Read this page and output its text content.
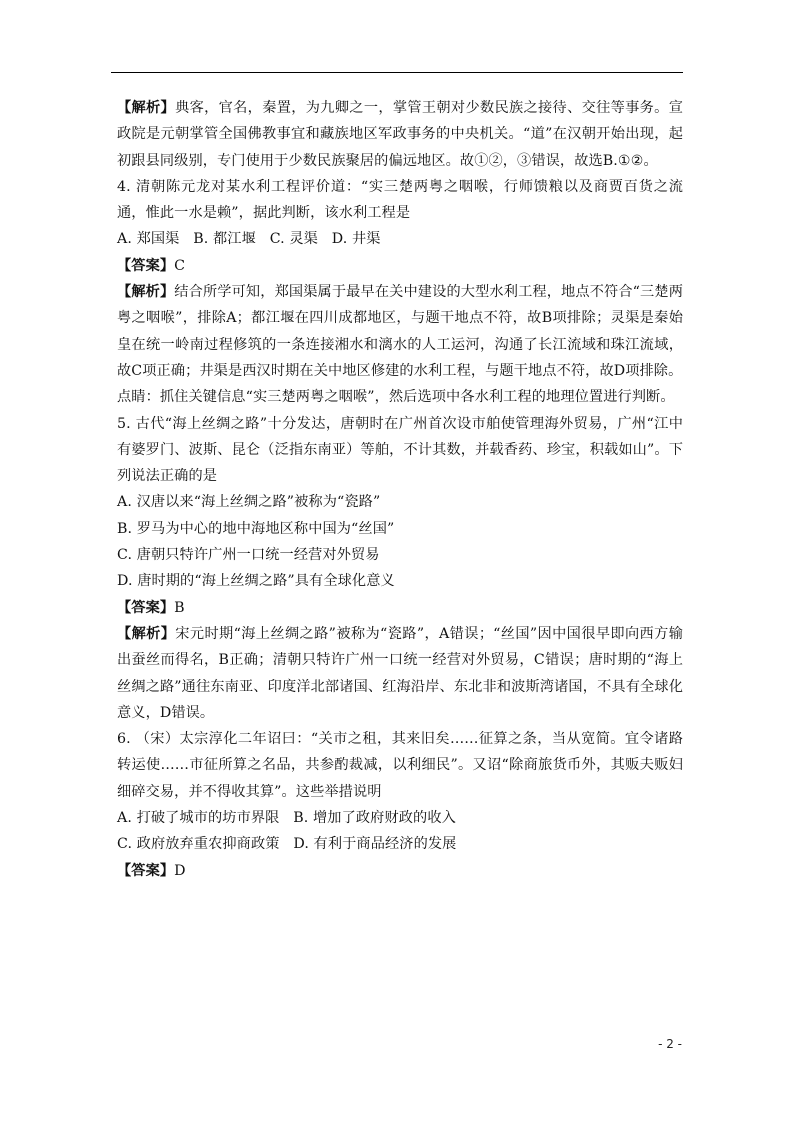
【解析】典客，官名，秦置，为九卿之一，掌管王朝对少数民族之接待、交往等事务。宣政院是元朝掌管全国佛教事宜和藏族地区军政事务的中央机关。“道”在汉朝开始出现，起初跟县同级别，专门使用于少数民族聚居的偏远地区。故①②，③错误，故选B.①②。

4. 清朝陈元龙对某水利工程评价道：“实三楚两粤之咽喉，行师馈粮以及商贾百货之流通，惟此一水是赖”，据此判断，该水利工程是

A. 郑国渠   B. 都江堰   C. 灵渠   D. 井渠

【答案】C

【解析】结合所学可知，郑国渠属于最早在关中建设的大型水利工程，地点不符合“三楚两粤之咽喉”，排除A；都江堰在四川成都地区，与题干地点不符，故B项排除；灵渠是秦始皇在统一岭南过程修筑的一条连接湘水和漓水的人工运河，沟通了长江流域和珠江流域，故C项正确；井渠是西汉时期在关中地区修建的水利工程，与题干地点不符，故D项排除。

点睛：抓住关键信息“实三楚两粤之咽喉”，然后选项中各水利工程的地理位置进行判断。

5. 古代“海上丝绸之路”十分发达，唐朝时在广州首次设市舶使管理海外贸易，广州“江中有婆罗门、波斯、昆仑（泛指东南亚）等舶，不计其数，并载香药、珍宝，积载如山”。下列说法正确的是

A. 汉唐以来“海上丝绸之路”被称为“瓷路”

B. 罗马为中心的地中海地区称中国为“丝国”

C. 唐朝只特许广州一口统一经营对外贸易

D. 唐时期的“海上丝绸之路”具有全球化意义

【答案】B

【解析】宋元时期“海上丝绸之路”被称为“瓷路”，A错误；“丝国”因中国很早即向西方输出蚕丝而得名，B正确；清朝只特许广州一口统一经营对外贸易，C错误；唐时期的“海上丝绸之路”通往东南亚、印度洋北部诸国、红海沿岸、东北非和波斯湾诸国，不具有全球化意义，D错误。

6. （宋）太宗淳化二年诏曰：“关市之租，其来旧矣……征算之条，当从宽简。宜令诸路转运使……市征所算之名品，共参酌裁减，以利细民”。又诏“除商旅货币外，其贩夫贩妇细碎交易，并不得收其算”。这些举措说明

A. 打破了城市的坊市界限   B. 增加了政府财政的收入

C. 政府放弃重农抑商政策   D. 有利于商品经济的发展

【答案】D

- 2 -
